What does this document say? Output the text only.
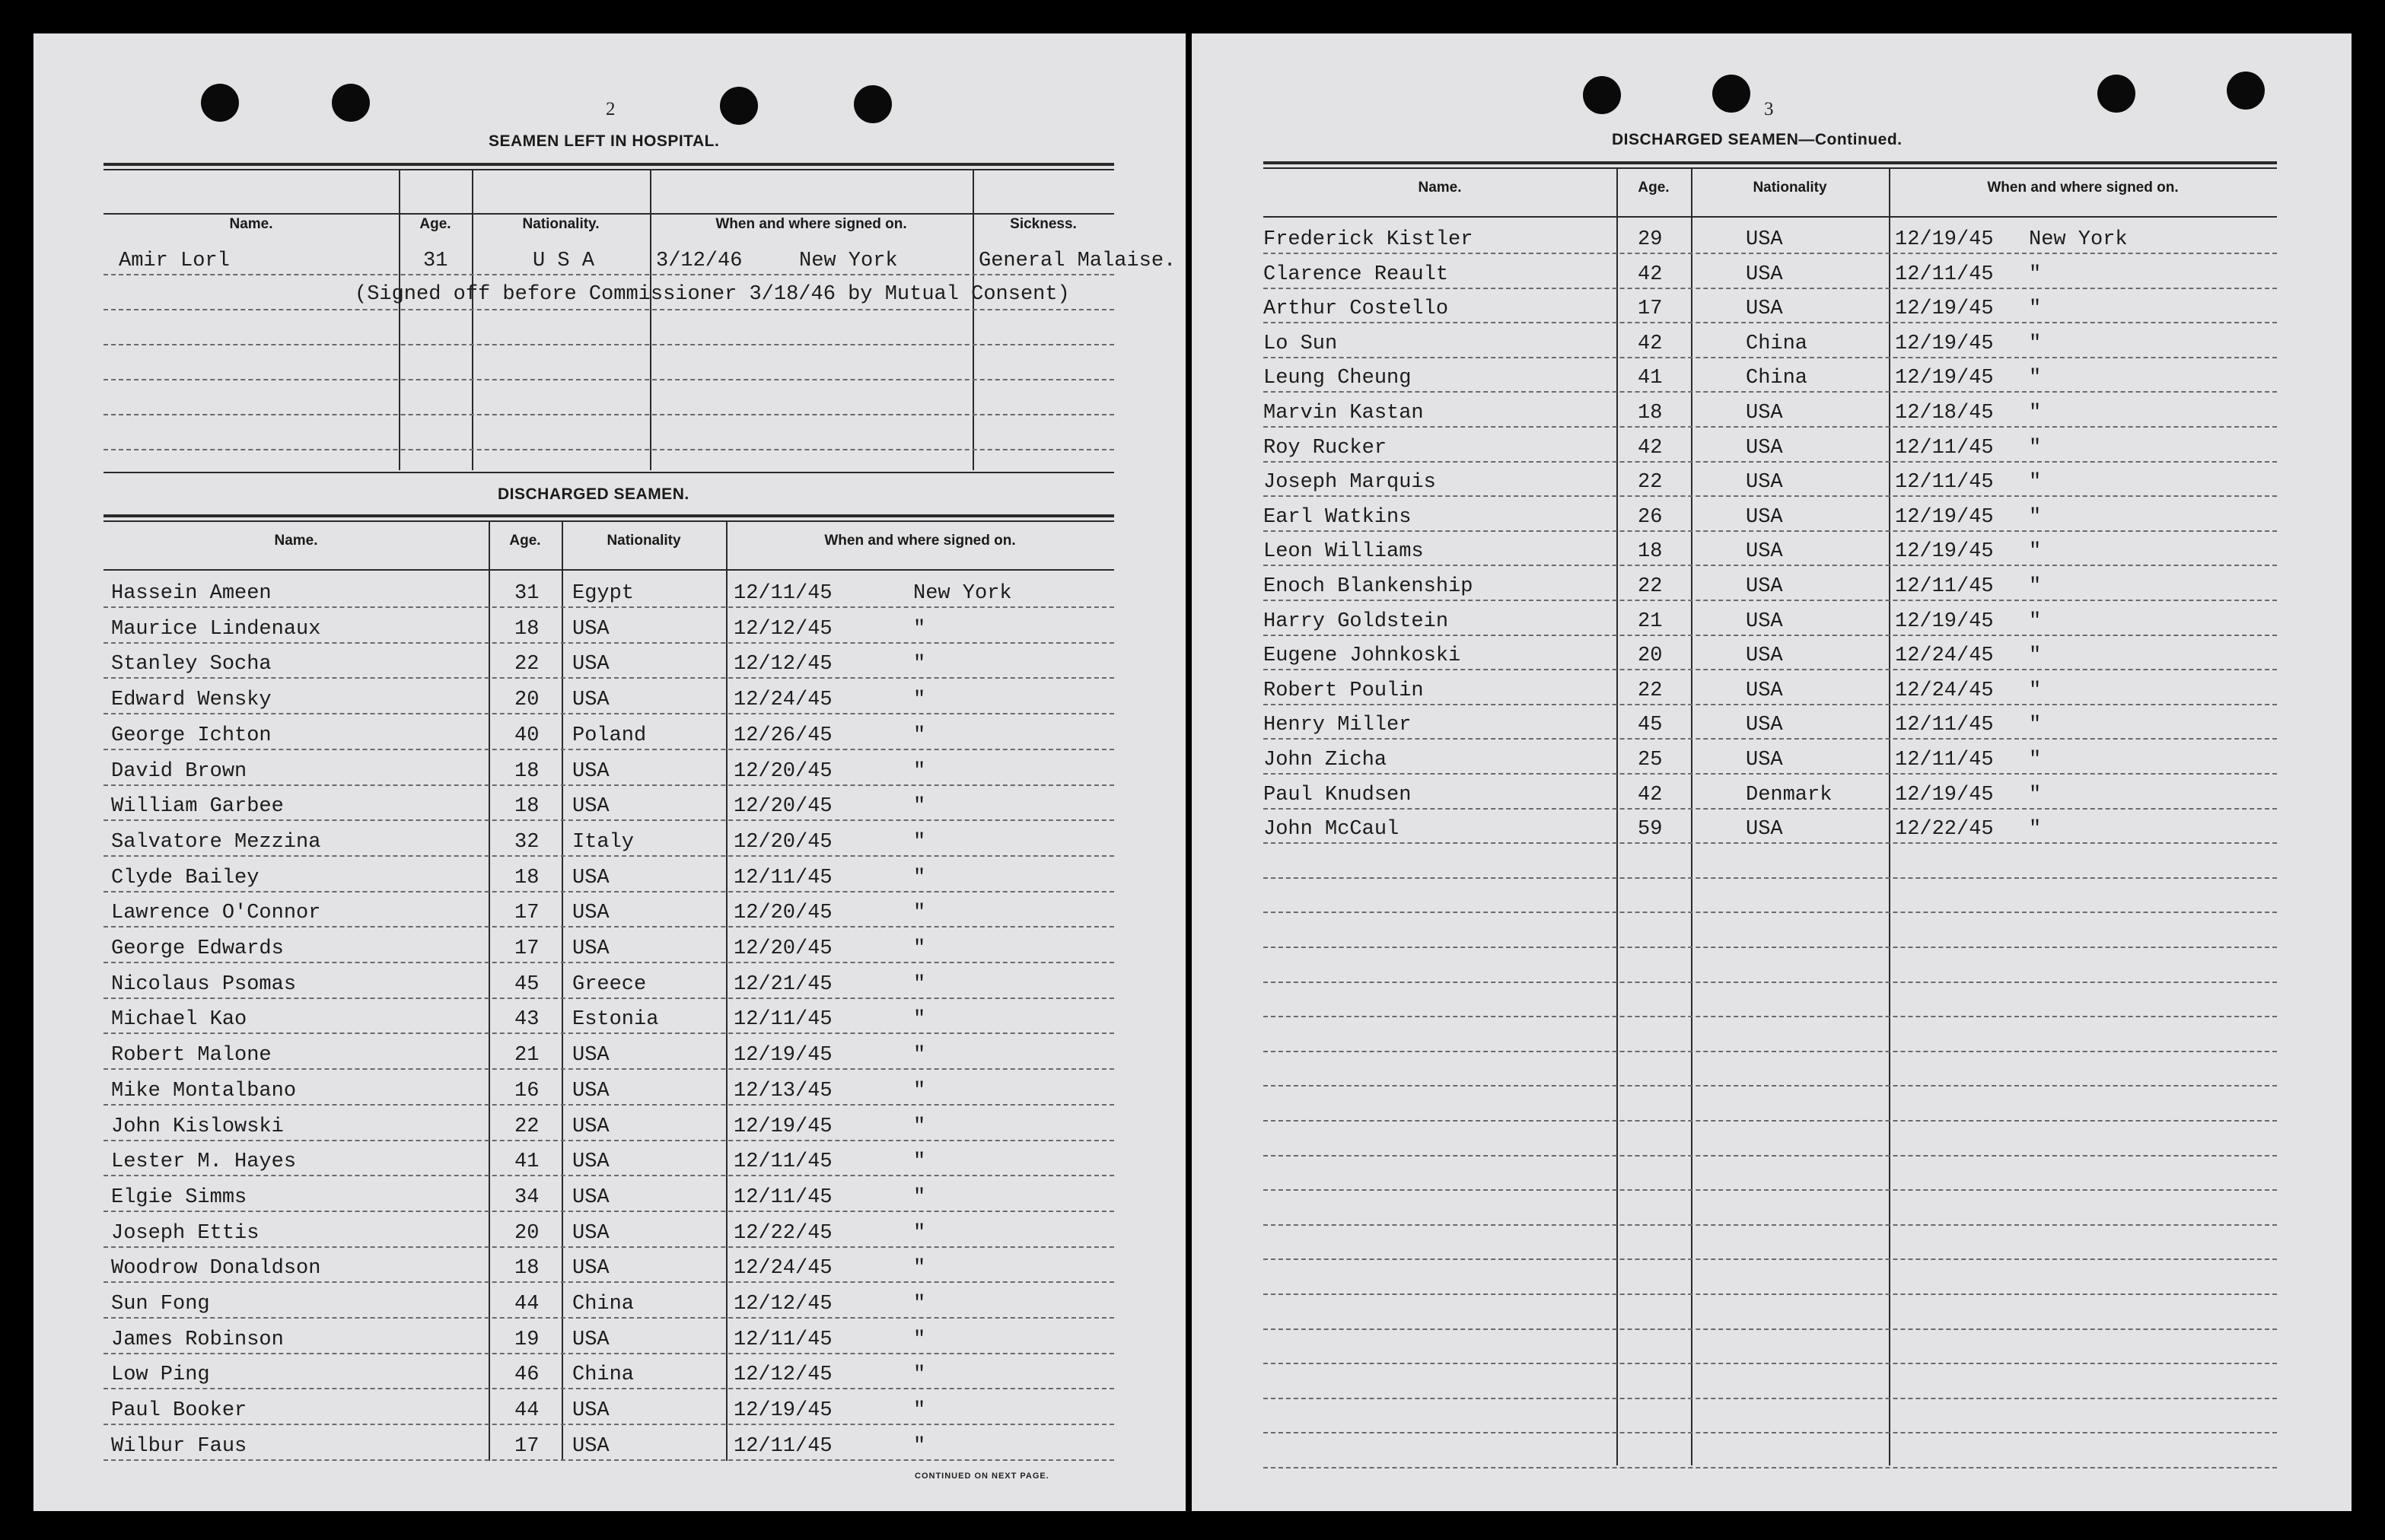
2
SEAMEN LEFT IN HOSPITAL.
Name.	Age.	Nationality.	When and where signed on.	Sickness.
Amir Lorl	31	U S A	3/12/46	New York	General Malaise.
(Signed off before Commissioner 3/18/46 by Mutual Consent)
DISCHARGED SEAMEN.
Name.	Age.	Nationality	When and where signed on.
Hassein Ameen	31 Egypt	12/11/45	New York
Maurice Lindenaux	18 USA	12/12/45	"
Stanley Socha	22 USA	12/12/45	"
Edward Wensky	20 USA	12/24/45	"
George Ichton	40 Poland	12/26/45	"
David Brown	18 USA	12/20/45	"
William Garbee	18 USA	12/20/45	"
Salvatore Mezzina	32 Italy	12/20/45	"
Clyde Bailey	18 USA	12/11/45	"
Lawrence O'Connor	17 USA	12/20/45	"
George Edwards	17 USA	12/20/45	"
Nicolaus Psomas	45 Greece	12/21/45	"
Michael Kao	43 Estonia	12/11/45	"
Robert Malone	21 USA	12/19/45	"
Mike Montalbano	16 USA	12/13/45	"
John Kislowski	22 USA	12/19/45	"
Lester M. Hayes	41 USA	12/11/45	"
Elgie Simms	34 USA	12/11/45	"
Joseph Ettis	20 USA	12/22/45	"
Woodrow Donaldson	18 USA	12/24/45	"
Sun Fong	44 China	12/12/45	"
James Robinson	19 USA	12/11/45	"
Low Ping	46 China	12/12/45	"
Paul Booker	44 USA	12/19/45	"
Wilbur Faus	17 USA	12/11/45	"
CONTINUED ON NEXT PAGE.
3
DISCHARGED SEAMEN—Continued.
Name.	Age.	Nationality	When and where signed on.
Frederick Kistler	29	USA	12/19/45 New York
Clarence Reault	42	USA	12/11/45 "
Arthur Costello	17	USA	12/19/45 "
Lo Sun	42	China	12/19/45 "
Leung Cheung	41	China	12/19/45 "
Marvin Kastan	18	USA	12/18/45 "
Roy Rucker	42	USA	12/11/45 "
Joseph Marquis	22	USA	12/11/45 "
Earl Watkins	26	USA	12/19/45 "
Leon Williams	18	USA	12/19/45 "
Enoch Blankenship	22	USA	12/11/45 "
Harry Goldstein	21	USA	12/19/45 "
Eugene Johnkoski	20	USA	12/24/45 "
Robert Poulin	22	USA	12/24/45 "
Henry Miller	45	USA	12/11/45 "
John Zicha	25	USA	12/11/45 "
Paul Knudsen	42	Denmark	12/19/45 "
John McCaul	59	USA	12/22/45 "
